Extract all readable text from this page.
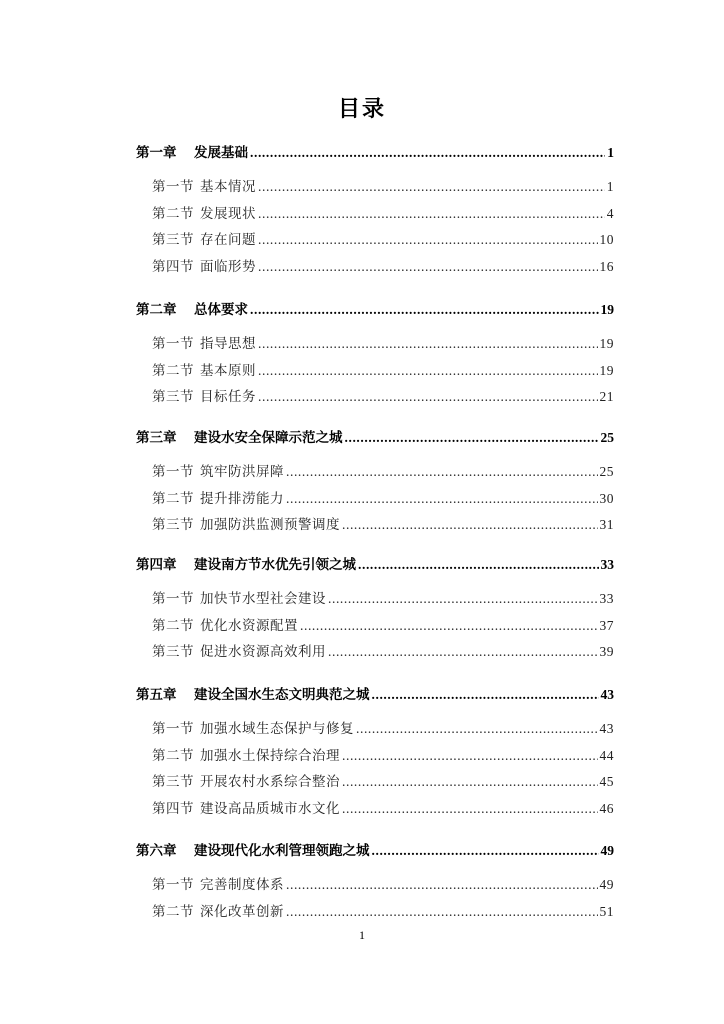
目录
第一章	发展基础 .....	1
第一节 基本情况 .....	1
第二节 发展现状 .....	4
第三节 存在问题 .....	10
第四节 面临形势 .....	16
第二章	总体要求 .....	19
第一节 指导思想 .....	19
第二节 基本原则 .....	19
第三节 目标任务 .....	21
第三章	建设水安全保障示范之城 .....	25
第一节 筑牢防洪屏障 .....	25
第二节 提升排涝能力 .....	30
第三节 加强防洪监测预警调度 .....	31
第四章	建设南方节水优先引领之城 .....	33
第一节 加快节水型社会建设 .....	33
第二节 优化水资源配置 .....	37
第三节 促进水资源高效利用 .....	39
第五章	建设全国水生态文明典范之城 .....	43
第一节 加强水域生态保护与修复 .....	43
第二节 加强水土保持综合治理 .....	44
第三节 开展农村水系综合整治 .....	45
第四节 建设高品质城市水文化 .....	46
第六章	建设现代化水利管理领跑之城 .....	49
第一节 完善制度体系 .....	49
第二节 深化改革创新 .....	51
1
